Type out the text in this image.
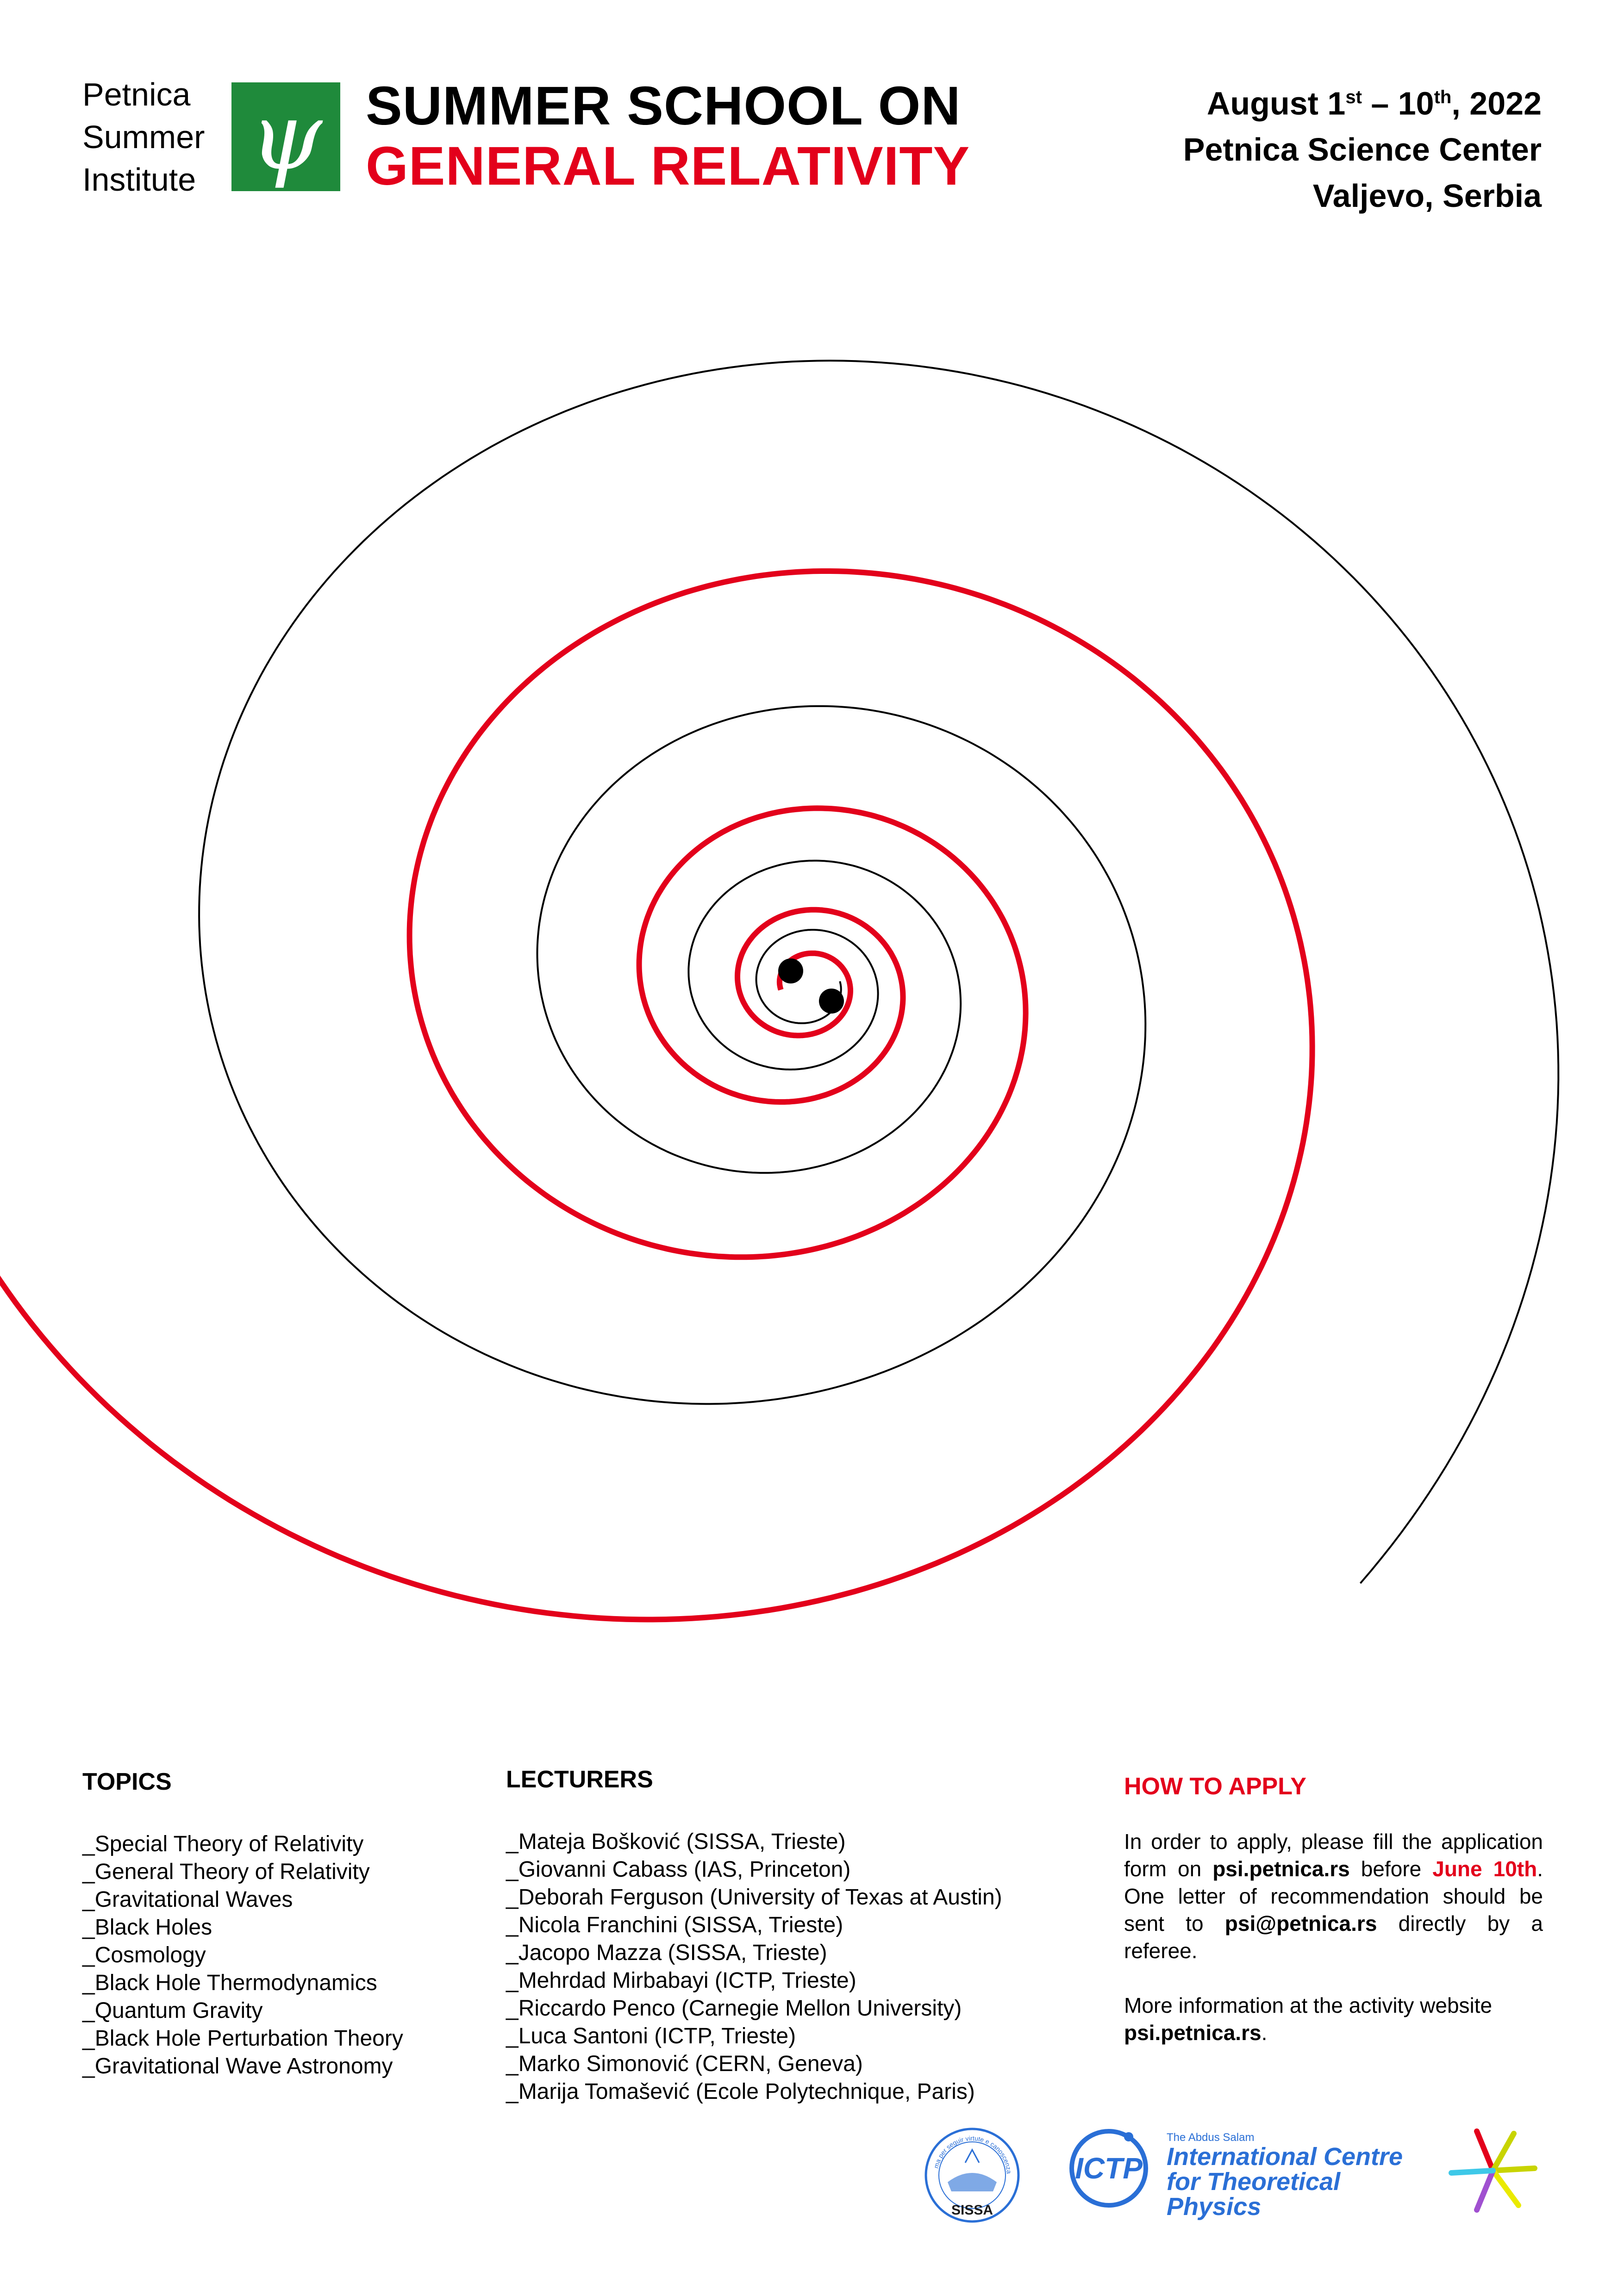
Petnica
Summer
Institute ψ SUMMER SCHOOL ON
GENERAL RELATIVITY
August 1st – 10th, 2022
Petnica Science Center
Valjevo, Serbia
TOPICS
_Special Theory of Relativity
_General Theory of Relativity
_Gravitational Waves
_Black Holes
_Cosmology
_Black Hole Thermodynamics
_Quantum Gravity
_Black Hole Perturbation Theory
_Gravitational Wave Astronomy
LECTURERS
_Mateja Bošković (SISSA, Trieste)
_Giovanni Cabass (IAS, Princeton)
_Deborah Ferguson (University of Texas at Austin)
_Nicola Franchini (SISSA, Trieste)
_Jacopo Mazza (SISSA, Trieste)
_Mehrdad Mirbabayi (ICTP, Trieste)
_Riccardo Penco (Carnegie Mellon University)
_Luca Santoni (ICTP, Trieste)
_Marko Simonović (CERN, Geneva)
_Marija Tomašević (Ecole Polytechnique, Paris)
HOW TO APPLY
In order to apply, please fill the application form on psi.petnica.rs before June 10th. One letter of recommendation should be sent to psi@petnica.rs directly by a referee.
More information at the activity website
psi.petnica.rs.
ma per seguir virtute e canoscenza
SISSA
ICTP
The Abdus Salam
International Centre
for Theoretical Physics
